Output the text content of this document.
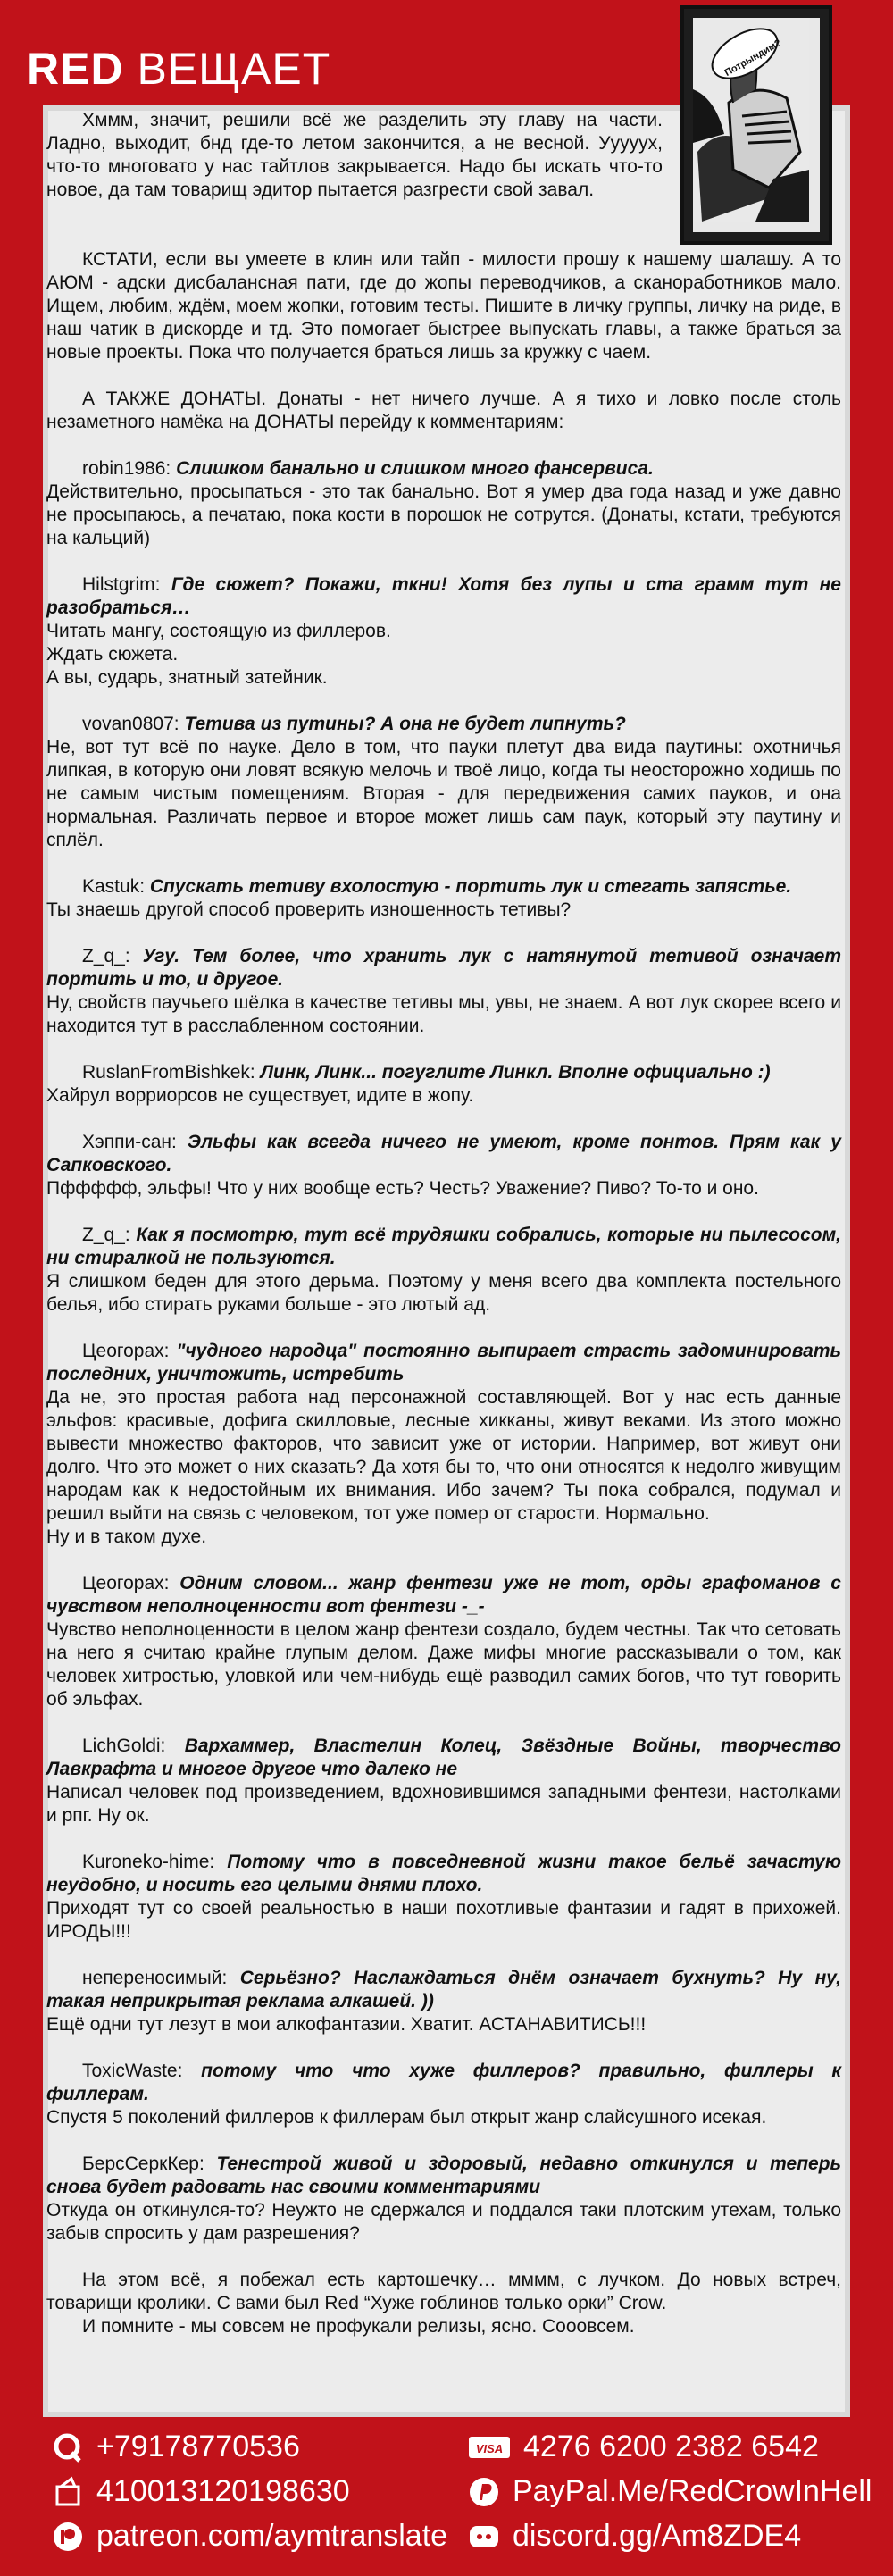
RED ВЕЩАЕТ	Потрындим?

Хммм, значит, решили всё же разделить эту главу на части. Ладно, выходит, бнд где-то летом закончится, а не весной. Ууууух, что-то многовато у нас тайтлов закрывается. Надо бы искать что-то новое, да там товарищ эдитор пытается разгрести свой завал.

КСТАТИ, если вы умеете в клин или тайп - милости прошу к нашему шалашу. А то АЮМ - адски дисбалансная пати, где до жопы переводчиков, а сканоработников мало. Ищем, любим, ждём, моем жопки, готовим тесты. Пишите в личку группы, личку на риде, в наш чатик в дискорде и тд. Это помогает быстрее выпускать главы, а также браться за новые проекты. Пока что получается браться лишь за кружку с чаем.

А ТАКЖЕ ДОНАТЫ. Донаты - нет ничего лучше. А я тихо и ловко после столь незаметного намёка на ДОНАТЫ перейду к комментариям:

robin1986: Слишком банально и слишком много фансервиса.

Действительно, просыпаться - это так банально. Вот я умер два года назад и уже давно не просыпаюсь, а печатаю, пока кости в порошок не сотрутся. (Донаты, кстати, требуются на кальций)

Hilstgrim: Где сюжет? Покажи, ткни! Хотя без лупы и ста грамм тут не разобраться…

Читать мангу, состоящую из филлеров.

Ждать сюжета.

А вы, сударь, знатный затейник.

vovan0807: Тетива из путины? А она не будет липнуть?

Не, вот тут всё по науке. Дело в том, что пауки плетут два вида паутины: охотничья липкая, в которую они ловят всякую мелочь и твоё лицо, когда ты неосторожно ходишь по не самым чистым помещениям. Вторая - для передвижения самих пауков, и она нормальная. Различать первое и второе может лишь сам паук, который эту паутину и сплёл.

Kastuk: Спускать тетиву вхолостую - портить лук и стегать запястье.

Ты знаешь другой способ проверить изношенность тетивы?

Z_q_: Угу. Тем более, что хранить лук с натянутой тетивой означает портить и то, и другое.

Ну, свойств паучьего шёлка в качестве тетивы мы, увы, не знаем. А вот лук скорее всего и находится тут в расслабленном состоянии.

RuslanFromBishkek: Линк, Линк... погуглите Линкл. Вполне официально :)

Хайрул ворриорсов не существует, идите в жопу.

Хэппи-сан: Эльфы как всегда ничего не умеют, кроме понтов. Прям как у Сапковского.

Пффффф, эльфы! Что у них вообще есть? Честь? Уважение? Пиво? То-то и оно.

Z_q_: Как я посмотрю, тут всё трудяшки собрались, которые ни пылесосом, ни стиралкой не пользуются.

Я слишком беден для этого дерьма. Поэтому у меня всего два комплекта постельного белья, ибо стирать руками больше - это лютый ад.

Цеогорах: "чудного народца" постоянно выпирает страсть задоминировать последних, уничтожить, истребить

Да не, это простая работа над персонажной составляющей. Вот у нас есть данные эльфов: красивые, дофига скилловые, лесные хикканы, живут веками. Из этого можно вывести множество факторов, что зависит уже от истории. Например, вот живут они долго. Что это может о них сказать? Да хотя бы то, что они относятся к недолго живущим народам как к недостойным их внимания. Ибо зачем? Ты пока собрался, подумал и решил выйти на связь с человеком, тот уже помер от старости. Нормально.

Ну и в таком духе.

Цеогорах: Одним словом... жанр фентези уже не тот, орды графоманов с чувством неполноценности вот фентези -_-

Чувство неполноценности в целом жанр фентези создало, будем честны. Так что сетовать на него я считаю крайне глупым делом. Даже мифы многие рассказывали о том, как человек хитростью, уловкой или чем-нибудь ещё разводил самих богов, что тут говорить об эльфах.

LichGoldi: Вархаммер, Властелин Колец, Звёздные Войны, творчество Лавкрафта и многое другое что далеко не

Написал человек под произведением, вдохновившимся западными фентези, настолками и рпг. Ну ок.

Kuroneko-hime: Потому что в повседневной жизни такое бельё зачастую неудобно, и носить его целыми днями плохо.

Приходят тут со своей реальностью в наши похотливые фантазии и гадят в прихожей. ИРОДЫ!!!

непереносимый: Серьёзно? Наслаждаться днём означает бухнуть? Ну ну, такая неприкрытая реклама алкашей. ))

Ещё одни тут лезут в мои алкофантазии. Хватит. АСТАНАВИТИСЬ!!!

ToxicWaste: потому что что хуже филлеров? правильно, филлеры к филлерам.

Спустя 5 поколений филлеров к филлерам был открыт жанр слайсушного исекая.

БерсСеркКер: Тенестрой живой и здоровый, недавно откинулся и теперь снова будет радовать нас своими комментариями

Откуда он откинулся-то? Неужто не сдержался и поддался таки плотским утехам, только забыв спросить у дам разрешения?

На этом всё, я побежал есть картошечку… мммм, с лучком. До новых встреч, товарищи кролики. С вами был Red “Хуже гоблинов только орки” Crow.

И помните - мы совсем не профукали релизы, ясно. Сооовсем.

+79178770536
410013120198630
patreon.com/aymtranslate
VISA 4276 6200 2382 6542
PayPal.Me/RedCrowInHell
discord.gg/Am8ZDE4
